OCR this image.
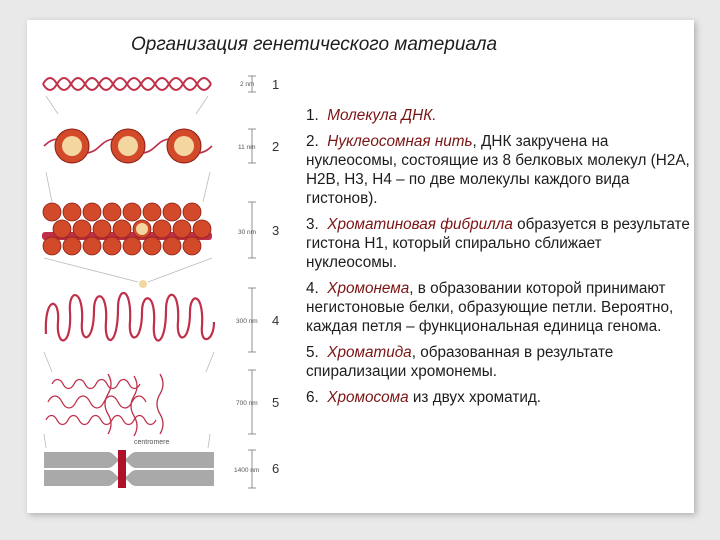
Организация генетического материала
centromere
2 nm
11 nm
30 nm
300 nm
700 nm
1400 nm
1
2
3
4
5
6
1. Молекула ДНК.
2. Нуклеосомная нить, ДНК закручена на нуклеосомы, состоящие из 8 белковых молекул (Н2А, Н2В, Н3, Н4 – по две молекулы каждого вида гистонов).
3. Хроматиновая фибрилла образуется в результате гистона Н1, который спирально сближает нуклеосомы.
4. Хромонема, в образовании которой принимают негистоновые белки, образующие петли. Вероятно, каждая петля – функциональная единица генома.
5. Хроматида, образованная в результате спирализации хромонемы.
6. Хромосома из двух хроматид.
